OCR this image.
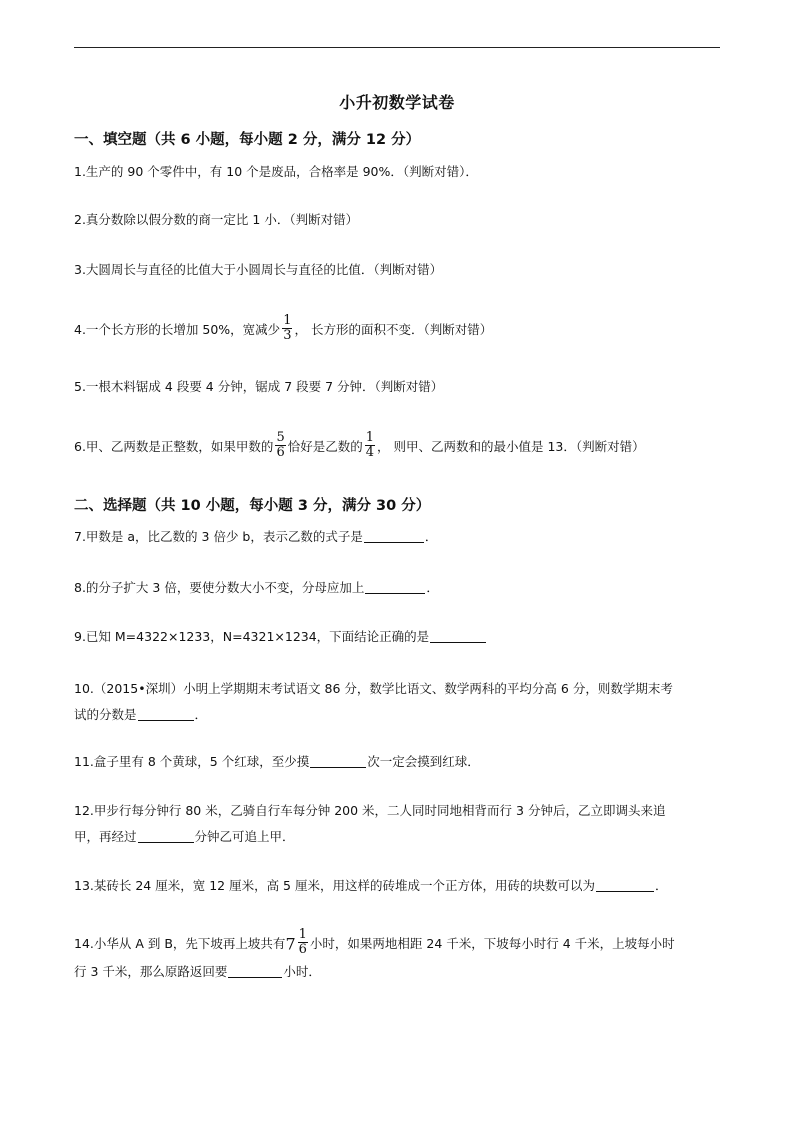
小升初数学试卷
一、填空题（共 6 小题，每小题 2 分，满分 12 分）
1.生产的 90 个零件中，有 10 个是废品，合格率是 90%．（判断对错）．
2.真分数除以假分数的商一定比 1 小．（判断对错）
3.大圆周长与直径的比值大于小圆周长与直径的比值．（判断对错）
4.一个长方形的长增加 50%，宽减少 $\frac{1}{3}$ ， 长方形的面积不变．（判断对错）
5.一根木料锯成 4 段要 4 分钟，锯成 7 段要 7 分钟．（判断对错）
6.甲、乙两数是正整数，如果甲数的 $\frac{5}{6}$ 恰好是乙数的 $\frac{1}{4}$ ， 则甲、乙两数和的最小值是 13．（判断对错）
二、选择题（共 10 小题，每小题 3 分，满分 30 分）
7.甲数是 a，比乙数的 3 倍少 b，表示乙数的式子是	．
8.的分子扩大 3 倍，要使分数大小不变，分母应加上	．
9.已知 M=4322×1233，N=4321×1234，下面结论正确的是
10.（2015•深圳）小明上学期期末考试语文 86 分，数学比语文、数学两科的平均分高 6 分，则数学期末考
试的分数是	．
11.盒子里有 8 个黄球，5 个红球，至少摸	次一定会摸到红球．
12.甲步行每分钟行 80 米，乙骑自行车每分钟 200 米，二人同时同地相背而行 3 分钟后，乙立即调头来追
甲，再经过	分钟乙可追上甲．
13.某砖长 24 厘米，宽 12 厘米，高 5 厘米，用这样的砖堆成一个正方体，用砖的块数可以为	．
14.小华从 A 到 B，先下坡再上坡共有$7 \frac{1}{6}$ 小时，如果两地相距 24 千米，下坡每小时行 4 千米，上坡每小时
行 3 千米，那么原路返回要	小时．
